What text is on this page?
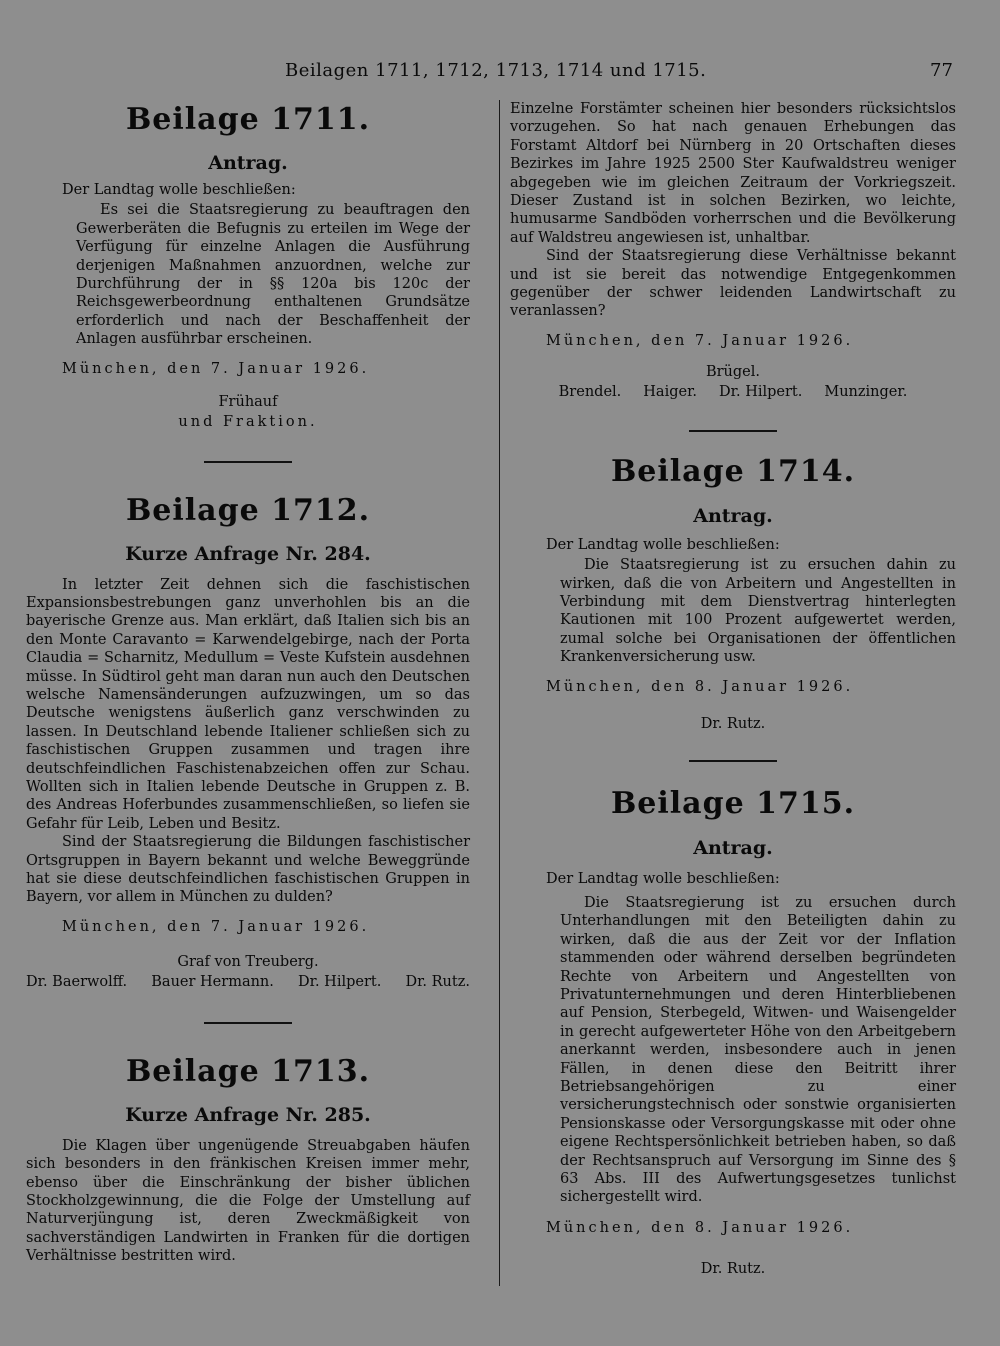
Beilagen 1711, 1712, 1713, 1714 und 1715.	77
Beilage 1711.
Antrag.

Der Landtag wolle beschließen:

Es sei die Staatsregierung zu beauftragen den Gewerberäten die Befugnis zu erteilen im Wege der Verfügung für einzelne Anlagen die Ausführung derjenigen Maßnahmen anzuordnen, welche zur Durchführung der in §§ 120a bis 120c der Reichsgewerbeordnung enthaltenen Grundsätze erforderlich und nach der Beschaffenheit der Anlagen ausführbar erscheinen.

München, den 7. Januar 1926.
Frühauf
und Fraktion.
Beilage 1712.
Kurze Anfrage Nr. 284.

In letzter Zeit dehnen sich die faschistischen Expansionsbestrebungen ganz unverhohlen bis an die bayerische Grenze aus. Man erklärt, daß Italien sich bis an den Monte Caravanto = Karwendelgebirge, nach der Porta Claudia = Scharnitz, Medullum = Veste Kufstein ausdehnen müsse. In Südtirol geht man daran nun auch den Deutschen welsche Namensänderungen aufzuzwingen, um so das Deutsche wenigstens äußerlich ganz verschwinden zu lassen. In Deutschland lebende Italiener schließen sich zu faschistischen Gruppen zusammen und tragen ihre deutschfeindlichen Faschistenabzeichen offen zur Schau. Wollten sich in Italien lebende Deutsche in Gruppen z. B. des Andreas Hoferbundes zusammenschließen, so liefen sie Gefahr für Leib, Leben und Besitz.

Sind der Staatsregierung die Bildungen faschistischer Ortsgruppen in Bayern bekannt und welche Beweggründe hat sie diese deutschfeindlichen faschistischen Gruppen in Bayern, vor allem in München zu dulden?

München, den 7. Januar 1926.
Graf von Treuberg.
Dr. Baerwolff. Bauer Hermann. Dr. Hilpert. Dr. Rutz.
Beilage 1713.
Kurze Anfrage Nr. 285.

Die Klagen über ungenügende Streuabgaben häufen sich besonders in den fränkischen Kreisen immer mehr, ebenso über die Einschränkung der bisher üblichen Stockholzgewinnung, die die Folge der Umstellung auf Naturverjüngung ist, deren Zweckmäßigkeit von sachverständigen Landwirten in Franken für die dortigen Verhältnisse bestritten wird.

Einzelne Forstämter scheinen hier besonders rücksichtslos vorzugehen. So hat nach genauen Erhebungen das Forstamt Altdorf bei Nürnberg in 20 Ortschaften dieses Bezirkes im Jahre 1925 2500 Ster Kaufwaldstreu weniger abgegeben wie im gleichen Zeitraum der Vorkriegszeit. Dieser Zustand ist in solchen Bezirken, wo leichte, humusarme Sandböden vorherrschen und die Bevölkerung auf Waldstreu angewiesen ist, unhaltbar.

Sind der Staatsregierung diese Verhältnisse bekannt und ist sie bereit das notwendige Entgegenkommen gegenüber der schwer leidenden Landwirtschaft zu veranlassen?

München, den 7. Januar 1926.
Brügel.
Brendel. Haiger. Dr. Hilpert. Munzinger.
Beilage 1714.
Antrag.

Der Landtag wolle beschließen:

Die Staatsregierung ist zu ersuchen dahin zu wirken, daß die von Arbeitern und Angestellten in Verbindung mit dem Dienstvertrag hinterlegten Kautionen mit 100 Prozent aufgewertet werden, zumal solche bei Organisationen der öffentlichen Krankenversicherung usw.

München, den 8. Januar 1926.
Dr. Rutz.
Beilage 1715.
Antrag.

Der Landtag wolle beschließen:

Die Staatsregierung ist zu ersuchen durch Unterhandlungen mit den Beteiligten dahin zu wirken, daß die aus der Zeit vor der Inflation stammenden oder während derselben begründeten Rechte von Arbeitern und Angestellten von Privatunternehmungen und deren Hinterbliebenen auf Pension, Sterbegeld, Witwen- und Waisengelder in gerecht aufgewerteter Höhe von den Arbeitgebern anerkannt werden, insbesondere auch in jenen Fällen, in denen diese den Beitritt ihrer Betriebsangehörigen zu einer versicherungstechnisch oder sonstwie organisierten Pensionskasse oder Versorgungskasse mit oder ohne eigene Rechtspersönlichkeit betrieben haben, so daß der Rechtsanspruch auf Versorgung im Sinne des § 63 Abs. III des Aufwertungsgesetzes tunlichst sichergestellt wird.

München, den 8. Januar 1926.
Dr. Rutz.
